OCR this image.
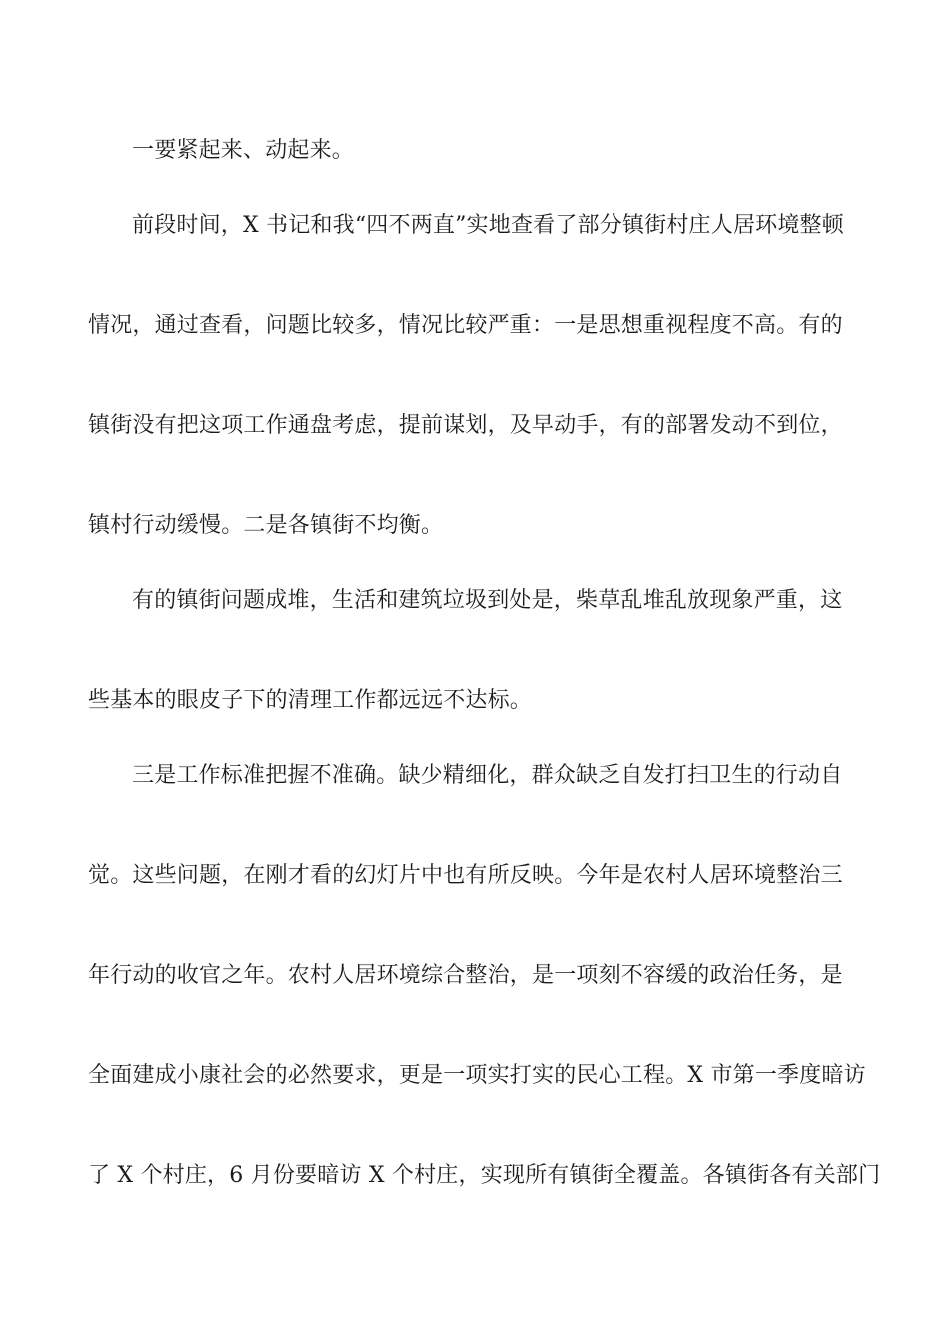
一要紧起来、动起来。
前段时间，X 书记和我“四不两直”实地查看了部分镇街村庄人居环境整顿
情况，通过查看，问题比较多，情况比较严重：一是思想重视程度不高。有的
镇街没有把这项工作通盘考虑，提前谋划，及早动手，有的部署发动不到位，
镇村行动缓慢。二是各镇街不均衡。
有的镇街问题成堆，生活和建筑垃圾到处是，柴草乱堆乱放现象严重，这
些基本的眼皮子下的清理工作都远远不达标。
三是工作标准把握不准确。缺少精细化，群众缺乏自发打扫卫生的行动自
觉。这些问题，在刚才看的幻灯片中也有所反映。今年是农村人居环境整治三
年行动的收官之年。农村人居环境综合整治，是一项刻不容缓的政治任务，是
全面建成小康社会的必然要求，更是一项实打实的民心工程。X 市第一季度暗访
了 X 个村庄，6 月份要暗访 X 个村庄，实现所有镇街全覆盖。各镇街各有关部门
